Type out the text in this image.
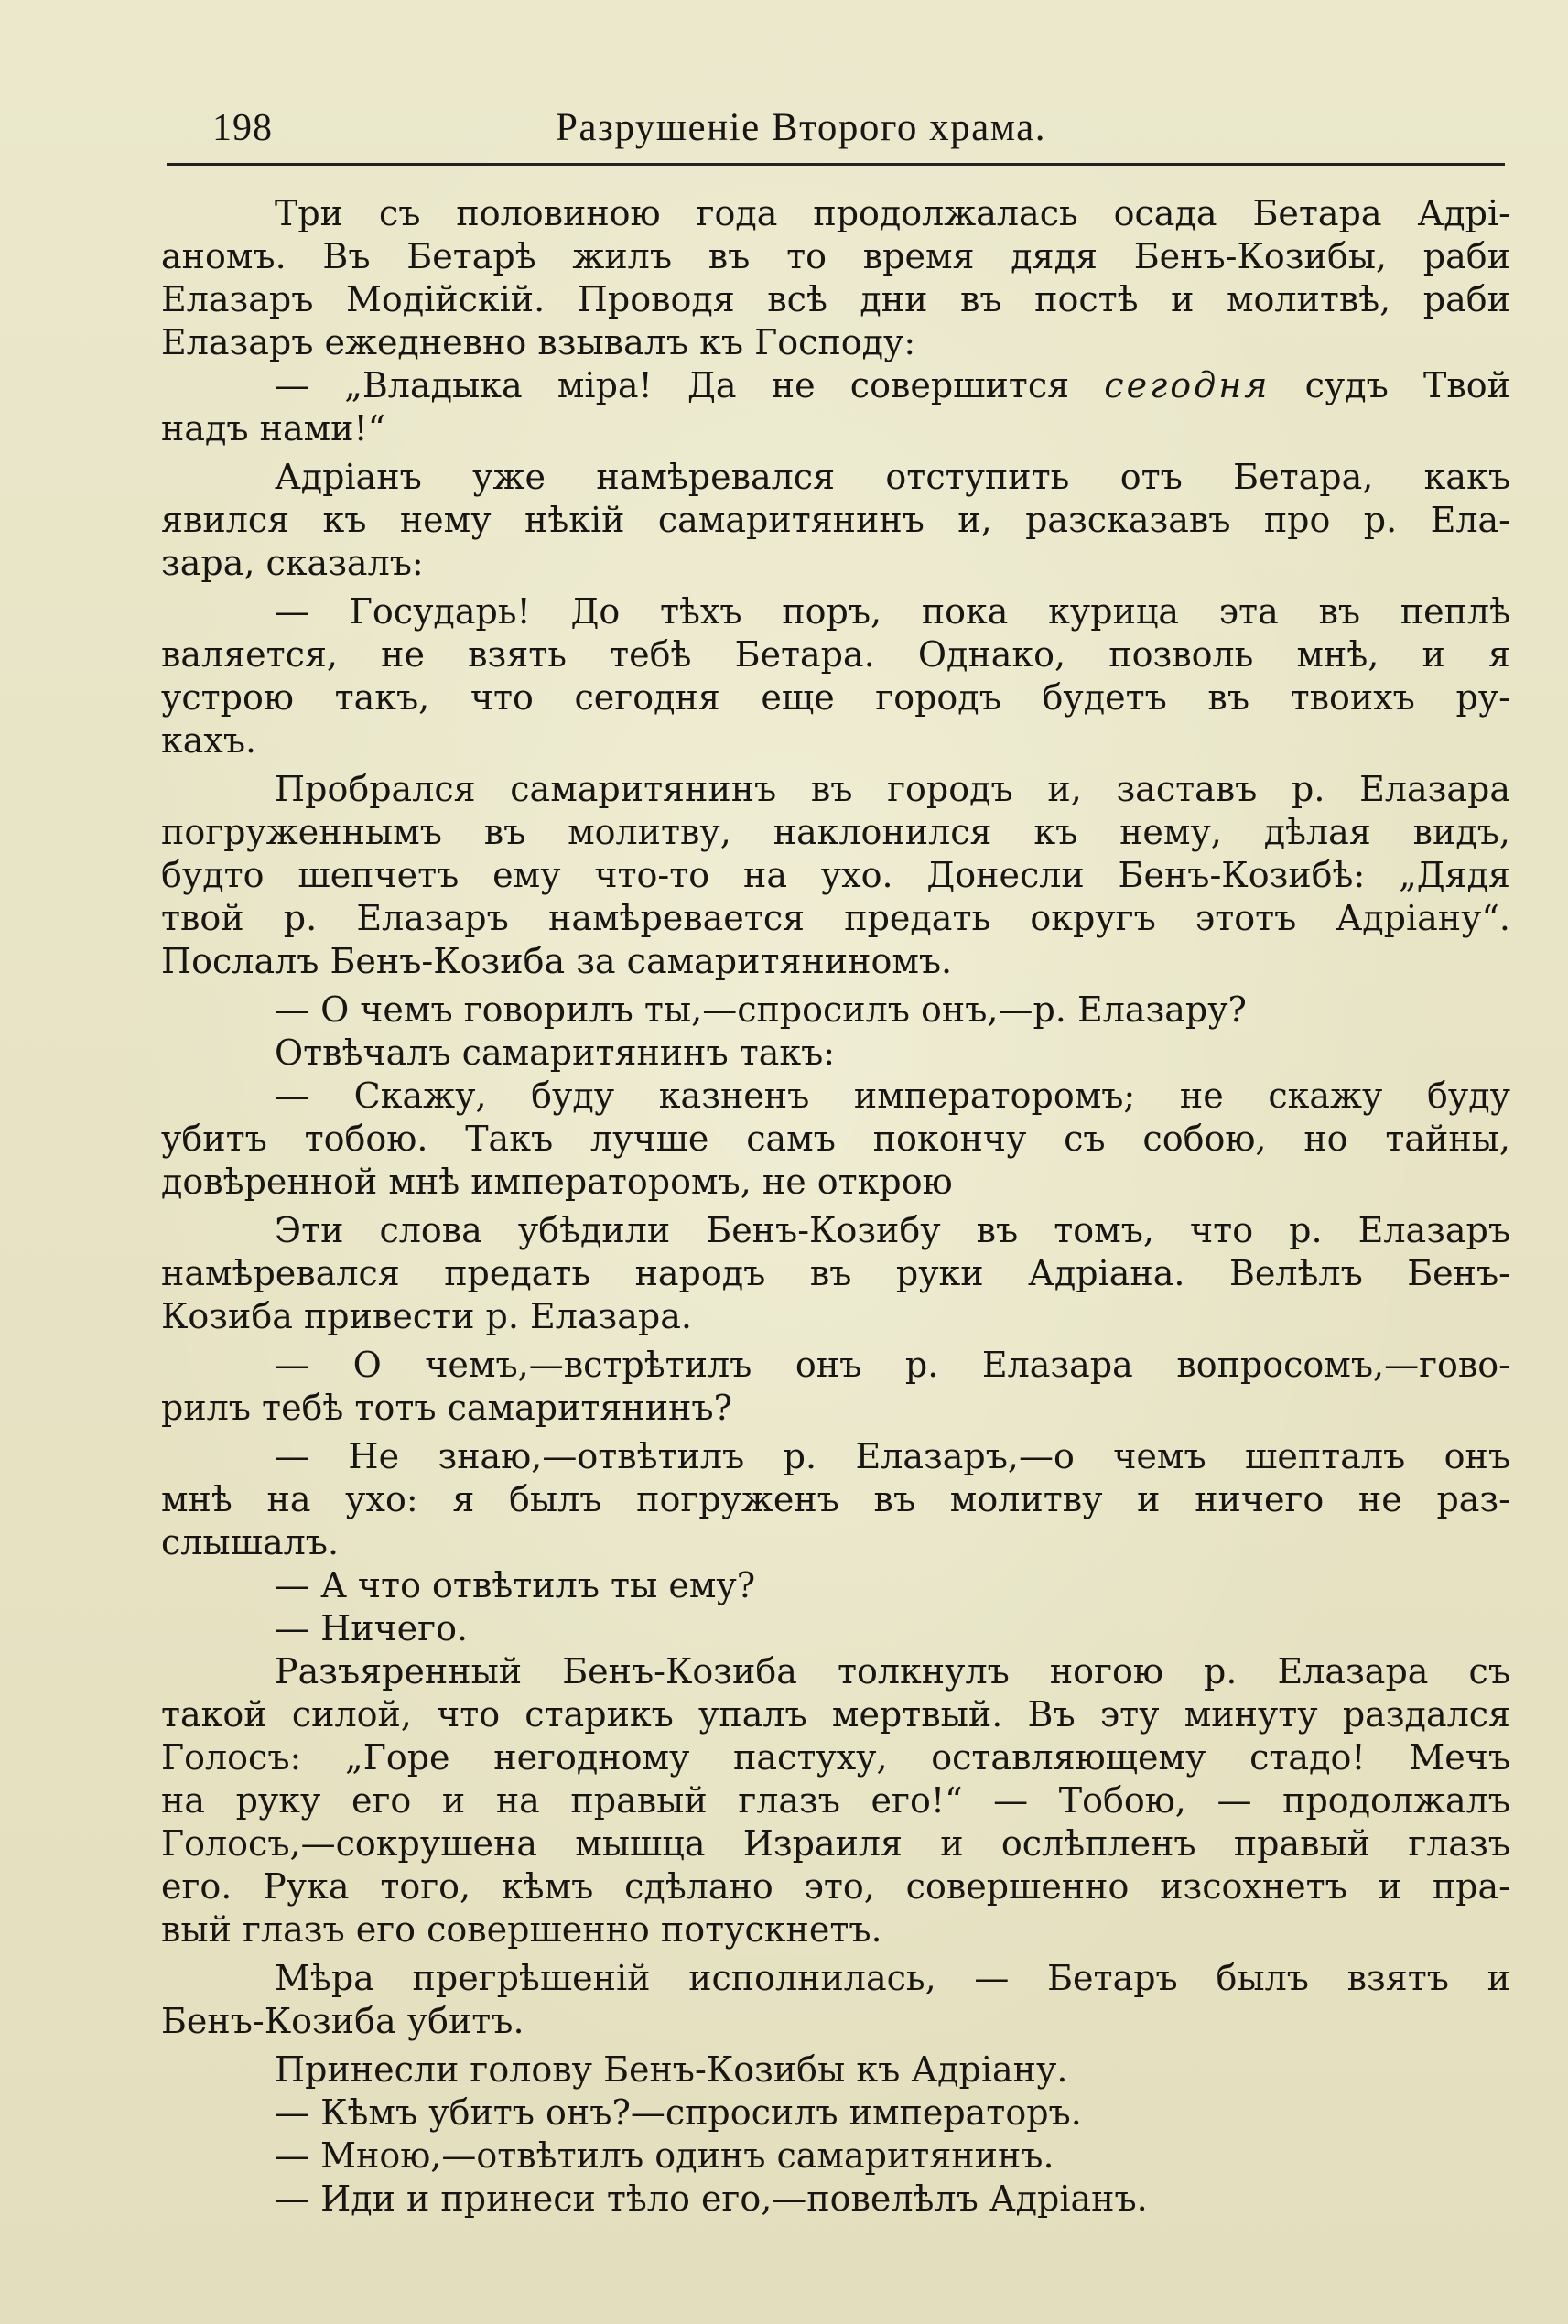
198	Разрушеніе Второго храма.
Три съ половиною года продолжалась осада Бетара Адрі-
аномъ. Въ Бетарѣ жилъ въ то время дядя Бенъ-Козибы, раби
Елазаръ Модійскій. Проводя всѣ дни въ постѣ и молитвѣ, раби
Елазаръ ежедневно взывалъ къ Господу:
— „Владыка міра! Да не совершится сегодня судъ Твой
надъ нами!“
Адріанъ уже намѣревался отступить отъ Бетара, какъ
явился къ нему нѣкій самаритянинъ и, разсказавъ про р. Ела-
зара, сказалъ:
— Государь! До тѣхъ поръ, пока курица эта въ пеплѣ
валяется, не взять тебѣ Бетара. Однако, позволь мнѣ, и я
устрою такъ, что сегодня еще городъ будетъ въ твоихъ ру-
кахъ.
Пробрался самаритянинъ въ городъ и, заставъ р. Елазара
погруженнымъ въ молитву, наклонился къ нему, дѣлая видъ,
будто шепчетъ ему что-то на ухо. Донесли Бенъ-Козибѣ: „Дядя
твой р. Елазаръ намѣревается предать округъ этотъ Адріану“.
Послалъ Бенъ-Козиба за самаритяниномъ.
— О чемъ говорилъ ты,—спросилъ онъ,—р. Елазару?
Отвѣчалъ самаритянинъ такъ:
— Скажу, буду казненъ императоромъ; не скажу буду
убитъ тобою. Такъ лучше самъ покончу съ собою, но тайны,
довѣренной мнѣ императоромъ, не открою
Эти слова убѣдили Бенъ-Козибу въ томъ, что р. Елазаръ
намѣревался предать народъ въ руки Адріана. Велѣлъ Бенъ-
Козиба привести р. Елазара.
— О чемъ,—встрѣтилъ онъ р. Елазара вопросомъ,—гово-
рилъ тебѣ тотъ самаритянинъ?
— Не знаю,—отвѣтилъ р. Елазаръ,—о чемъ шепталъ онъ
мнѣ на ухо: я былъ погруженъ въ молитву и ничего не раз-
слышалъ.
— А что отвѣтилъ ты ему?
— Ничего.
Разъяренный Бенъ-Козиба толкнулъ ногою р. Елазара съ
такой силой, что старикъ упалъ мертвый. Въ эту минуту раздался
Голосъ: „Горе негодному пастуху, оставляющему стадо! Мечъ
на руку его и на правый глазъ его!“ — Тобою, — продолжалъ
Голосъ,—сокрушена мышца Израиля и ослѣпленъ правый глазъ
его. Рука того, кѣмъ сдѣлано это, совершенно изсохнетъ и пра-
вый глазъ его совершенно потускнетъ.
Мѣра прегрѣшеній исполнилась, — Бетаръ былъ взятъ и
Бенъ-Козиба убитъ.
Принесли голову Бенъ-Козибы къ Адріану.
— Кѣмъ убитъ онъ?—спросилъ императоръ.
— Мною,—отвѣтилъ одинъ самаритянинъ.
— Иди и принеси тѣло его,—повелѣлъ Адріанъ.
